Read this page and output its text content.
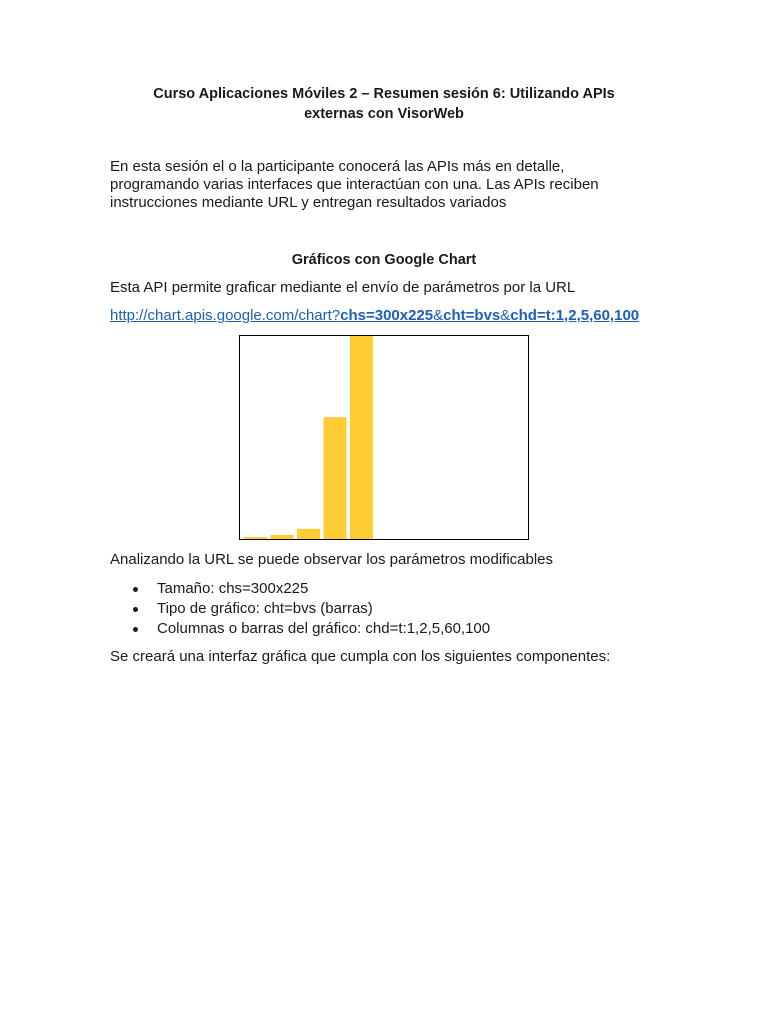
Curso Aplicaciones Móviles 2 – Resumen sesión 6: Utilizando APIs
externas con VisorWeb
En esta sesión el o la participante conocerá las APIs más en detalle,
programando varias interfaces que interactúan con una. Las APIs reciben
instrucciones mediante URL y entregan resultados variados
Gráficos con Google Chart
Esta API permite graficar mediante el envío de parámetros por la URL
http://chart.apis.google.com/chart?chs=300x225&cht=bvs&chd=t:1,2,5,60,100
Analizando la URL se puede observar los parámetros modificables
Tamaño: chs=300x225
Tipo de gráfico: cht=bvs (barras)
Columnas o barras del gráfico: chd=t:1,2,5,60,100
Se creará una interfaz gráfica que cumpla con los siguientes componentes:
